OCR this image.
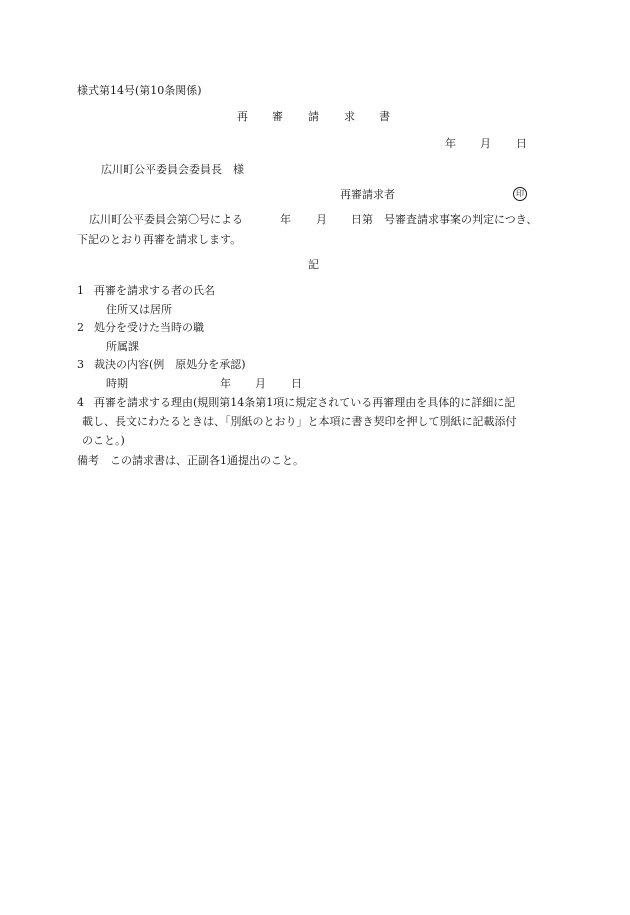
様式第14号(第10条関係)
再 審 請 求 書
年 月 日
広川町公平委員会委員長　様
再審請求者	印
広川町公平委員会第〇号による	年 月 日第　号審査請求事案の判定につき、
下記のとおり再審を請求します。
記
1 再審を請求する者の氏名
住所又は居所
2 処分を受けた当時の職
所属課
3 裁決の内容(例　原処分を承認)
時期	年 月 日
4 再審を請求する理由(規則第14条第1項に規定されている再審理由を具体的に詳細に記
載し、長文にわたるときは、「別紙のとおり」と本項に書き契印を押して別紙に記載添付
のこと。)
備考　この請求書は、正副各1通提出のこと。
